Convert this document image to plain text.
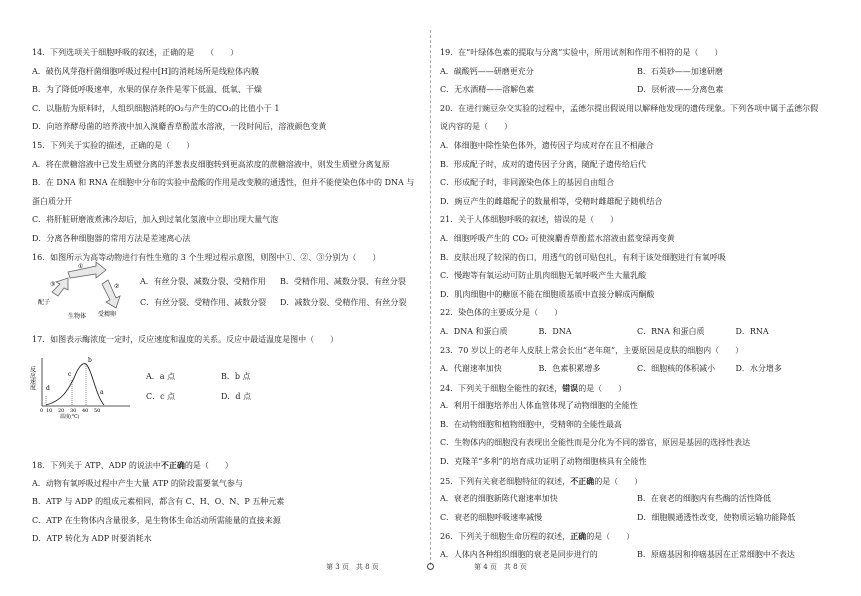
14．下列选项关于细胞呼吸的叙述，正确的是　　（　　）
A．破伤风芽孢杆菌细胞呼吸过程中[H]的消耗场所是线粒体内膜
B．为了降低呼吸速率，水果的保存条件是零下低温、低氧、干燥
C．以脂肪为原料时，人组织细胞消耗的O₂与产生的CO₂的比值小于 1
D．向培养酵母菌的培养液中加入溴麝香草酚蓝水溶液，一段时间后，溶液颜色变黄
15．下列关于实验的描述，正确的是（　　）
A．将在蔗糖溶液中已发生质壁分离的洋葱表皮细胞转到更高浓度的蔗糖溶液中，则发生质壁分离复原
B．在 DNA 和 RNA 在细胞中分布的实验中盐酸的作用是改变膜的通透性，但并不能使染色体中的 DNA 与
蛋白质分开
C．将肝脏研磨液煮沸冷却后，加入到过氧化氢液中立即出现大量气泡
D．分离各种细胞器的常用方法是差速离心法
16．如图所示为高等动物进行有性生殖的 3 个生理过程示意图，则图中①、②、③分别为（　　）
①
②
③
配子
受精卵
生物体
A．有丝分裂、减数分裂、受精作用	B．受精作用、减数分裂、有丝分裂
C．有丝分裂、受精作用、减数分裂	D．减数分裂、受精作用、有丝分裂
17．如图表示酶浓度一定时，反应速度和温度的关系。反应中最适温度是图中（　　）
反应速度 d
c
b
a
0 10 20 30 40 50
温度(℃)
A．a 点	B．b 点
C．c 点	D．d 点
18．下列关于 ATP、ADP 的说法中不正确的是（　　）
A．动物有氧呼吸过程中产生大量 ATP 的阶段需要氧气参与
B．ATP 与 ADP 的组成元素相同，都含有 C、H、O、N、P 五种元素
C．ATP 在生物体内含量很多，是生物体生命活动所需能量的直接来源
D．ATP 转化为 ADP 时要消耗水
19．在“叶绿体色素的提取与分离”实验中，所用试剂和作用不相符的是（　　）
A．碳酸钙——研磨更充分	B．石英砂——加速研磨
C．无水酒精——溶解色素	D．层析液——分离色素
20．在进行豌豆杂交实验的过程中，孟德尔提出假说用以解释他发现的遗传现象。下列各项中属于孟德尔假
说内容的是（　　）
A．体细胞中除性染色体外，遗传因子均成对存在且不相融合
B．形成配子时，成对的遗传因子分离，随配子遗传给后代
C．形成配子时，非同源染色体上的基因自由组合
D．豌豆产生的雌雄配子的数量相等，受精时雌雄配子随机结合
21．关于人体细胞呼吸的叙述，错误的是（　　）
A．细胞呼吸产生的 CO₂ 可使溴麝香草酚蓝水溶液由蓝变绿再变黄
B．皮肤出现了较深的伤口，用透气的创可贴包扎，有利于该处细胞进行有氧呼吸
C．慢跑等有氧运动可防止肌肉细胞无氧呼吸产生大量乳酸
D．肌肉细胞中的糖原不能在细胞质基质中直接分解成丙酮酸
22．染色体的主要成分是（　　）
A．DNA 和蛋白质	B．DNA	C．RNA 和蛋白质	D．RNA
23．70 岁以上的老年人皮肤上常会长出“老年斑”，主要原因是皮肤的细胞内（　　）
A．代谢速率加快	B．色素积累增多	C．细胞核的体积减小	D．水分增多
24．下列关于细胞全能性的叙述，错误的是（　　）
A．利用干细胞培养出人体血管体现了动物细胞的全能性
B．在动物细胞和植物细胞中，受精卵的全能性最高
C．生物体内的细胞没有表现出全能性而是分化为不同的器官，原因是基因的选择性表达
D．克隆羊“多利”的培育成功证明了动物细胞核具有全能性
25．下列有关衰老细胞特征的叙述，不正确的是（　　）
A．衰老的细胞新陈代谢速率加快	B．在衰老的细胞内有些酶的活性降低
C．衰老的细胞呼吸速率减慢	D．细胞膜通透性改变，使物质运输功能降低
26．下列关于细胞生命历程的叙述，正确的是（　　）
A．人体内各种组织细胞的衰老是同步进行的	B．原癌基因和抑癌基因在正常细胞中不表达
第 3 页　共 8 页	第 4 页　共 8 页
